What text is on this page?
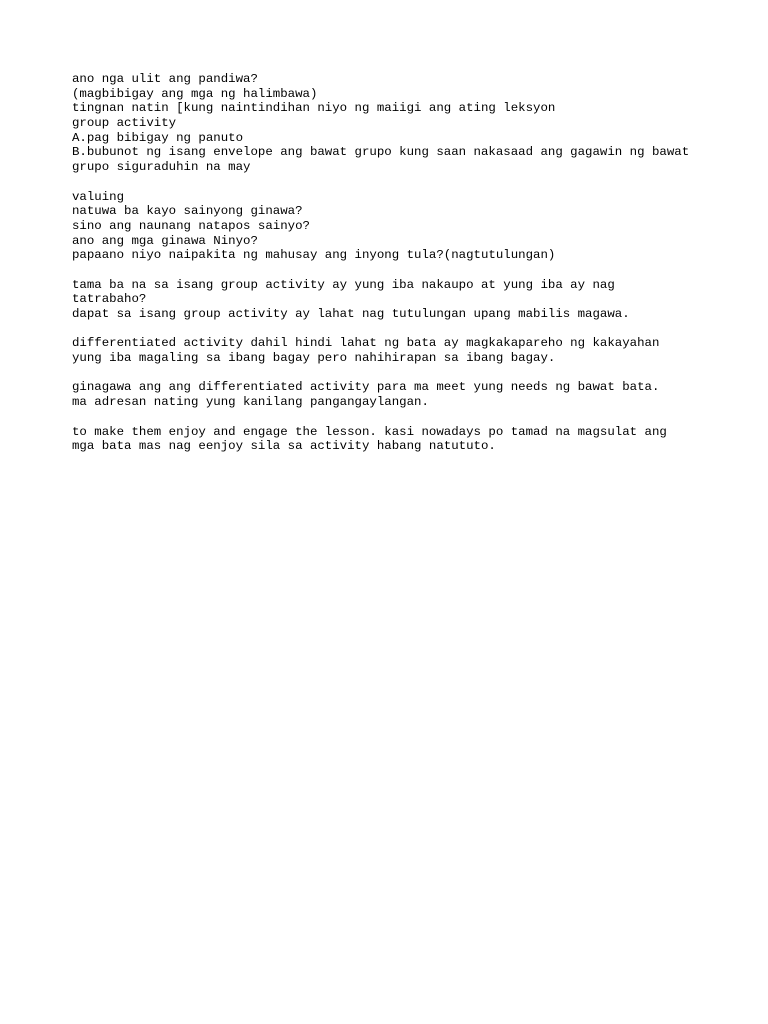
ano nga ulit ang pandiwa?
(magbibigay ang mga ng halimbawa)
tingnan natin [kung naintindihan niyo ng maiigi ang ating leksyon
group activity
A.pag bibigay ng panuto
B.bubunot ng isang envelope ang bawat grupo kung saan nakasaad ang gagawin ng bawat
grupo siguraduhin na may
valuing
natuwa ba kayo sainyong ginawa?
sino ang naunang natapos sainyo?
ano ang mga ginawa Ninyo?
papaano niyo naipakita ng mahusay ang inyong tula?(nagtutulungan)
tama ba na sa isang group activity ay yung iba nakaupo at yung iba ay nag
tatrabaho?
dapat sa isang group activity ay lahat nag tutulungan upang mabilis magawa.
differentiated activity dahil hindi lahat ng bata ay magkakapareho ng kakayahan
yung iba magaling sa ibang bagay pero nahihirapan sa ibang bagay.
ginagawa ang ang differentiated activity para ma meet yung needs ng bawat bata.
ma adresan nating yung kanilang pangangaylangan.
to make them enjoy and engage the lesson. kasi nowadays po tamad na magsulat ang
mga bata mas nag eenjoy sila sa activity habang natututo.
